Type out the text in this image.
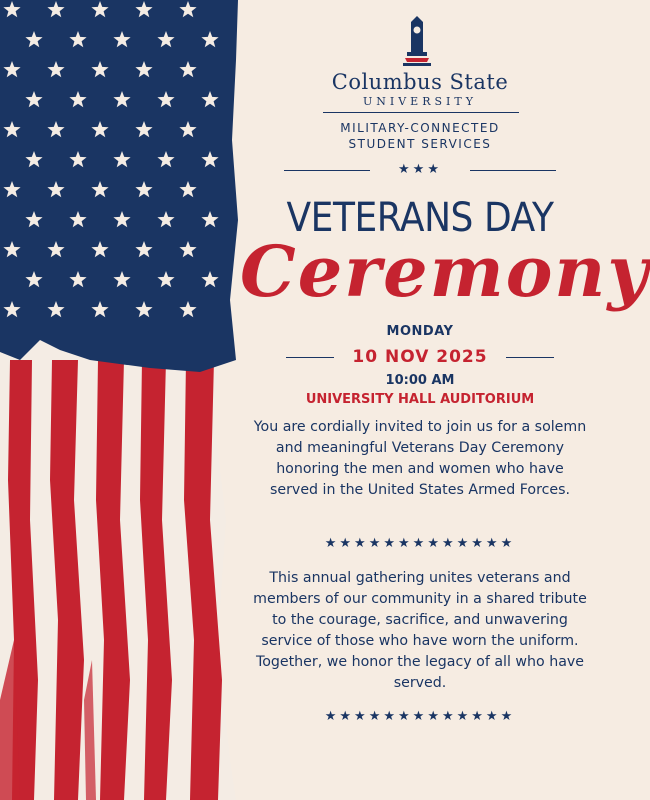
Columbus State
UNIVERSITY
MILITARY-CONNECTED
STUDENT SERVICES
★★★
VETERANS DAY
Ceremony
MONDAY
10 NOV 2025
10:00 AM
UNIVERSITY HALL AUDITORIUM
You are cordially invited to join us for a solemn and meaningful Veterans Day Ceremony honoring the men and women who have served in the United States Armed Forces.
★★★★★★★★★★★★★
This annual gathering unites veterans and members of our community in a shared tribute to the courage, sacrifice, and unwavering service of those who have worn the uniform. Together, we honor the legacy of all who have served.
★★★★★★★★★★★★★
